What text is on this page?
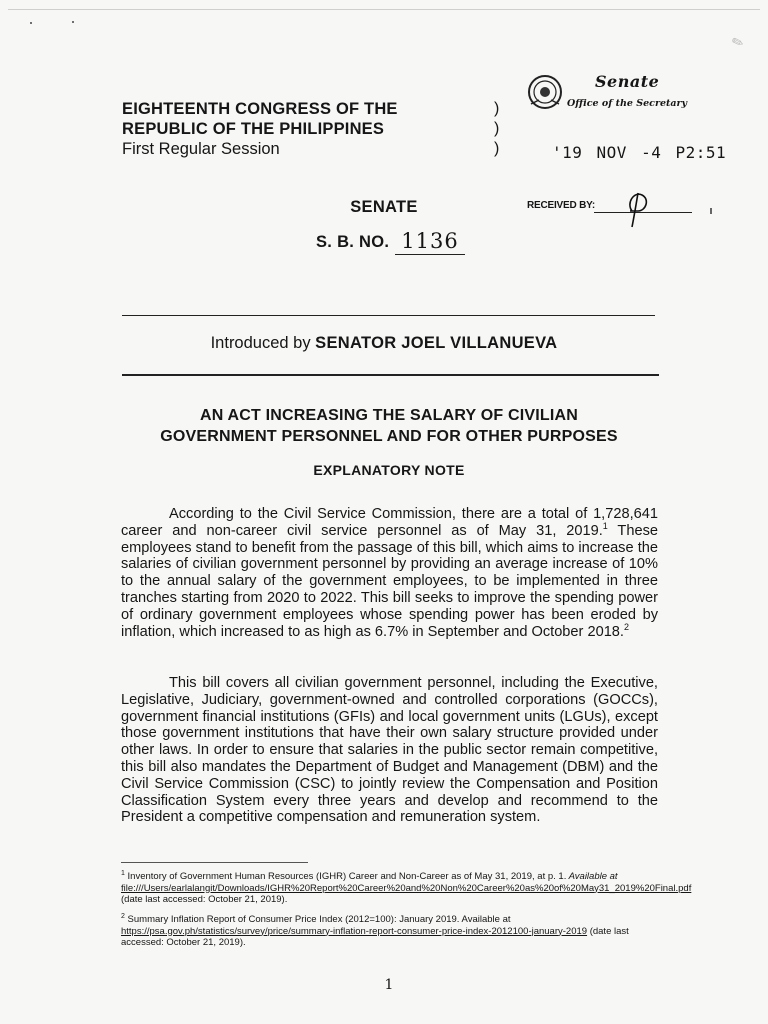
✎
EIGHTEENTH CONGRESS OF THE
REPUBLIC OF THE PHILIPPINES
First Regular Session
)
)
)
Senate
Office of the Secretary
'19 NOV -4 P2:51
RECEIVED BY:
SENATE
S. B. NO. 1136
Introduced by SENATOR JOEL VILLANUEVA
AN ACT INCREASING THE SALARY OF CIVILIAN
GOVERNMENT PERSONNEL AND FOR OTHER PURPOSES
EXPLANATORY NOTE
According to the Civil Service Commission, there are a total of 1,728,641 career and non-career civil service personnel as of May 31, 2019.$^1$ These employees stand to benefit from the passage of this bill, which aims to increase the salaries of civilian government personnel by providing an average increase of 10% to the annual salary of the government employees, to be implemented in three tranches starting from 2020 to 2022. This bill seeks to improve the spending power of ordinary government employees whose spending power has been eroded by inflation, which increased to as high as 6.7% in September and October 2018.$^2$
This bill covers all civilian government personnel, including the Executive, Legislative, Judiciary, government-owned and controlled corporations (GOCCs), government financial institutions (GFIs) and local government units (LGUs), except those government institutions that have their own salary structure provided under other laws. In order to ensure that salaries in the public sector remain competitive, this bill also mandates the Department of Budget and Management (DBM) and the Civil Service Commission (CSC) to jointly review the Compensation and Position Classification System every three years and develop and recommend to the President a competitive compensation and remuneration system.
$^1$ Inventory of Government Human Resources (IGHR) Career and Non-Career as of May 31, 2019, at p. 1. Available at
file:///Users/earlalangit/Downloads/IGHR%20Report%20Career%20and%20Non%20Career%20as%20of%20May31_2019%20Final.pdf (date last accessed: October 21, 2019).
$^2$ Summary Inflation Report of Consumer Price Index (2012=100): January 2019. Available at
https://psa.gov.ph/statistics/survey/price/summary-inflation-report-consumer-price-index-2012100-january-2019 (date last accessed: October 21, 2019).
1
